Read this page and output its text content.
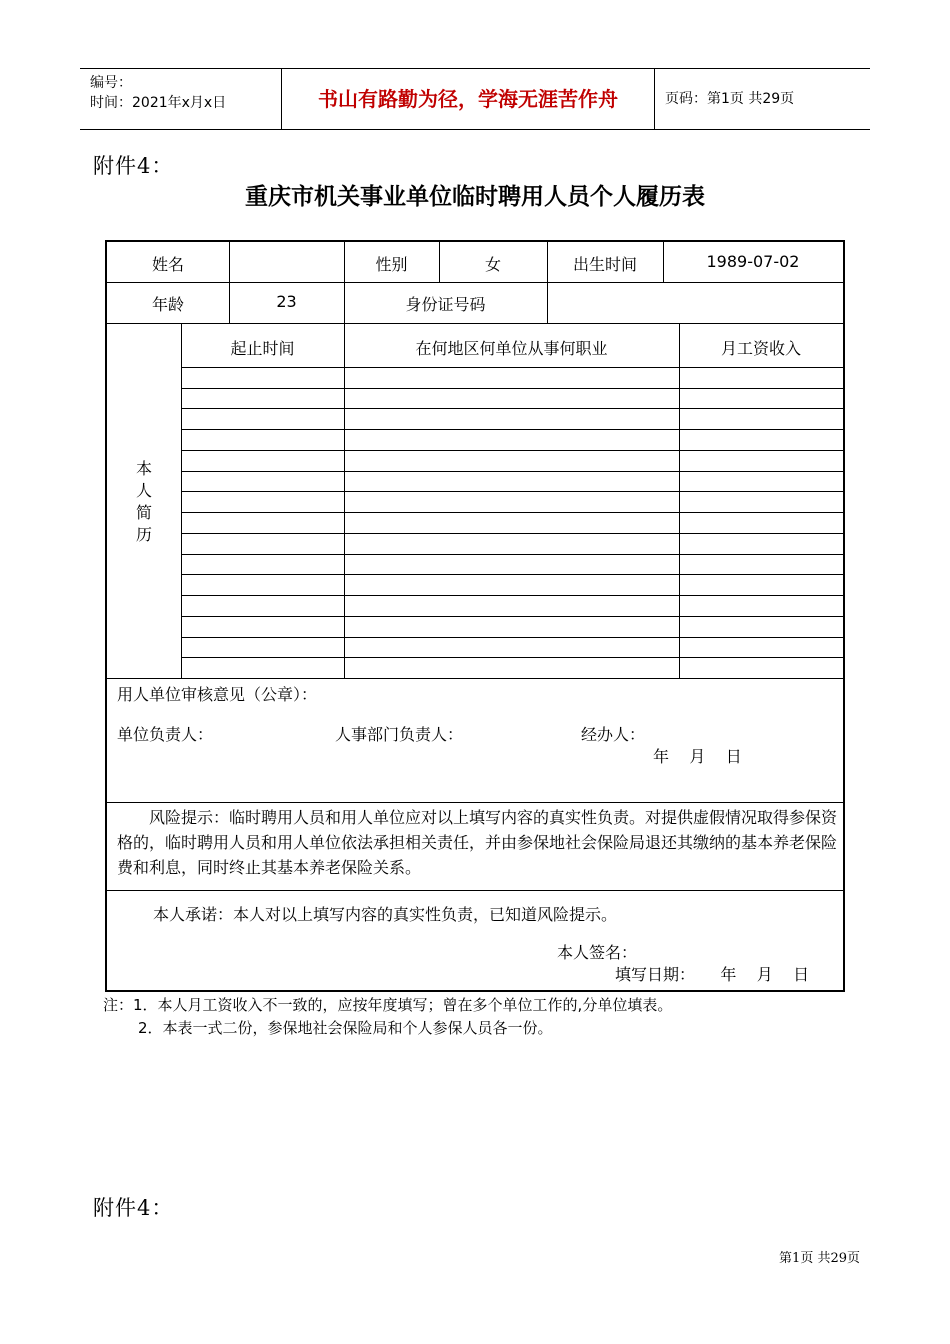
编号：
时间：2021年x月x日	书山有路勤为径，学海无涯苦作舟	页码：第1页 共29页
附件4：
重庆市机关事业单位临时聘用人员个人履历表
姓名	性别	女	出生时间	1989-07-02
年龄	23	身份证号码
本
人
简
历
起止时间	在何地区何单位从事何职业	月工资收入
用人单位审核意见（公章）：
单位负责人：	人事部门负责人：	经办人：
年    月    日
风险提示：临时聘用人员和用人单位应对以上填写内容的真实性负责。对提供虚假情况取得参保资格的，临时聘用人员和用人单位依法承担相关责任，并由参保地社会保险局退还其缴纳的基本养老保险费和利息，同时终止其基本养老保险关系。
本人承诺：本人对以上填写内容的真实性负责，已知道风险提示。
本人签名：
填写日期：     年    月    日
注：1．本人月工资收入不一致的，应按年度填写；曾在多个单位工作的,分单位填表。
2．本表一式二份，参保地社会保险局和个人参保人员各一份。
附件4：
第1页 共29页
